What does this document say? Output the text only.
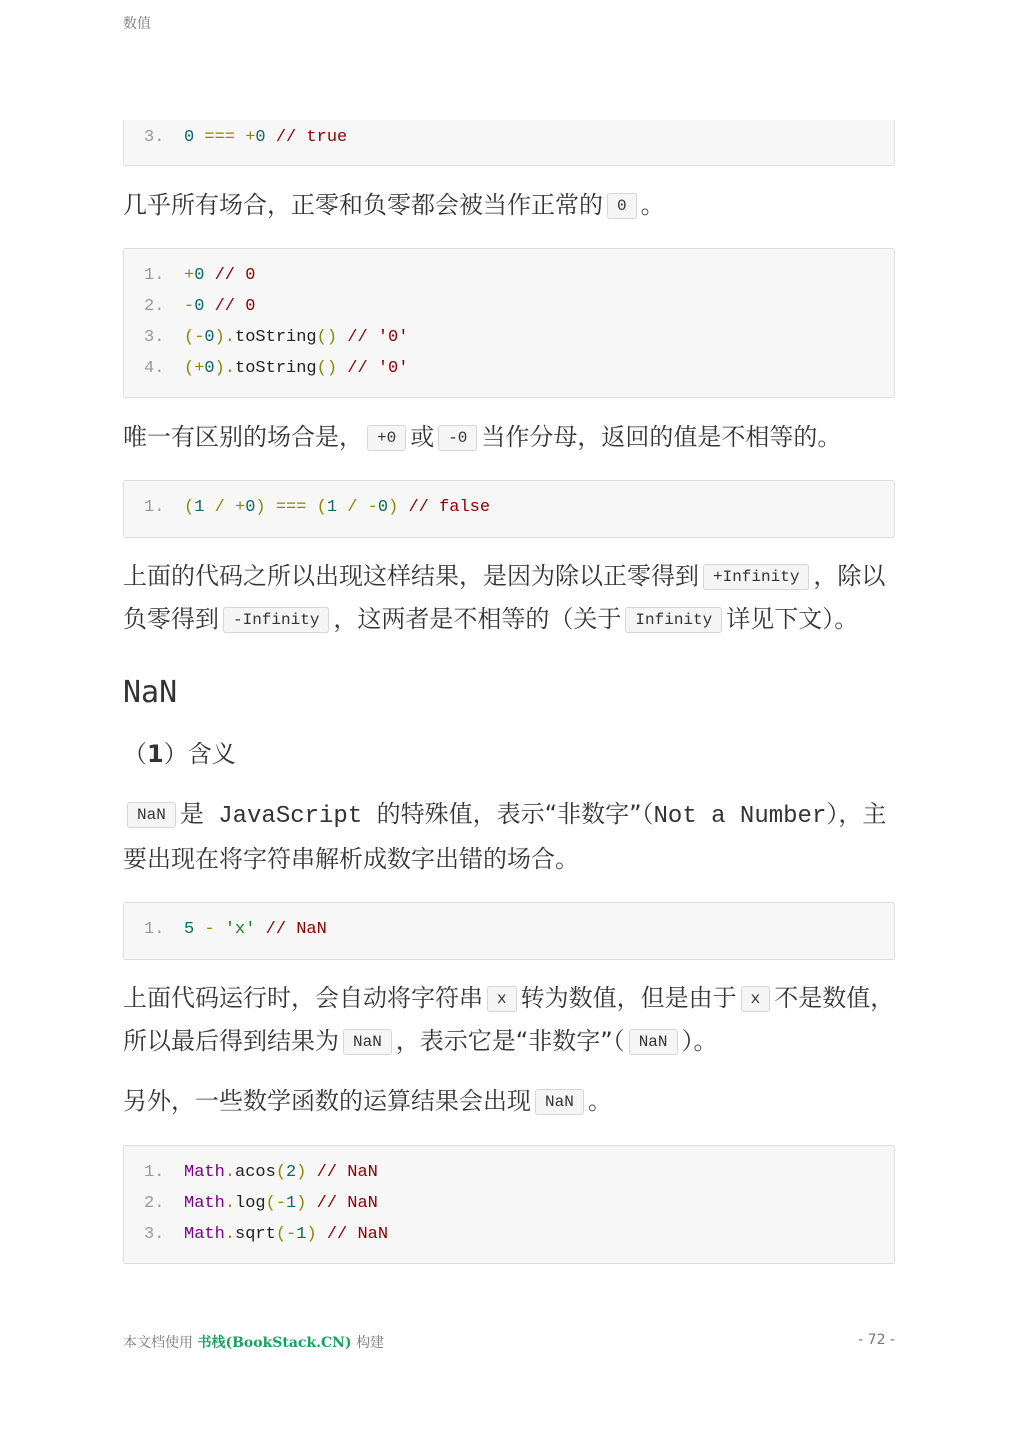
数值
3. 0 === +0 // true

几乎所有场合，正零和负零都会被当作正常的 0 。

1. +0 // 0
2. -0 // 0
3. (-0).toString() // '0'
4. (+0).toString() // '0'

唯一有区别的场合是， +0 或 -0 当作分母，返回的值是不相等的。

1. (1 / +0) === (1 / -0) // false

上面的代码之所以出现这样结果，是因为除以正零得到 +Infinity ，除以负零得到 -Infinity ，这两者是不相等的（关于 Infinity 详见下文）。

NaN

（1）含义

NaN 是 JavaScript 的特殊值，表示“非数字”（Not a Number），主要出现在将字符串解析成数字出错的场合。

1. 5 - 'x' // NaN

上面代码运行时，会自动将字符串 x 转为数值，但是由于 x 不是数值，所以最后得到结果为 NaN ，表示它是“非数字”（ NaN ）。

另外，一些数学函数的运算结果会出现 NaN 。

1. Math.acos(2) // NaN
2. Math.log(-1) // NaN
3. Math.sqrt(-1) // NaN
本文档使用 书栈(BookStack.CN) 构建	- 72 -
